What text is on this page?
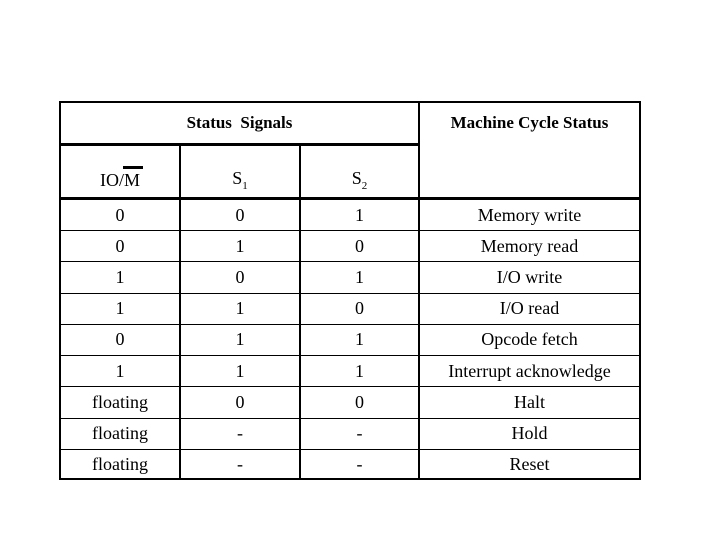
Status  Signals	Machine Cycle Status
IO/M	$S_1$	$S_2$
0	0	1	Memory write
0	1	0	Memory read
1	0	1	I/O write
1	1	0	I/O read
0	1	1	Opcode fetch
1	1	1	Interrupt acknowledge
floating	0	0	Halt
floating	-	-	Hold
floating	-	-	Reset
